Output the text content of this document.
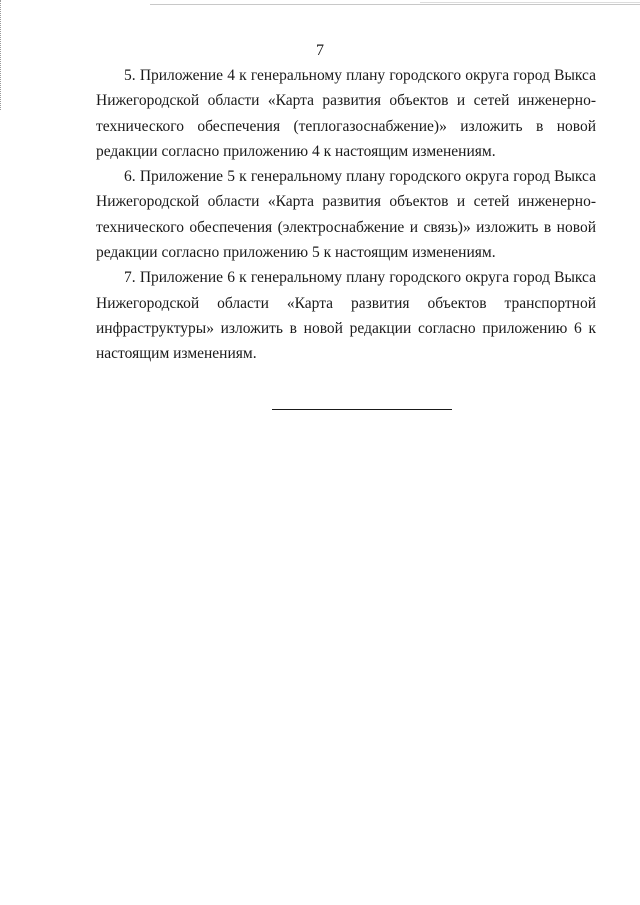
7

5. Приложение 4 к генеральному плану городского округа город Выкса
Нижегородской области «Карта развития объектов и сетей инженерно-
технического обеспечения (теплогазоснабжение)» изложить в новой
редакции согласно приложению 4 к настоящим изменениям.

6. Приложение 5 к генеральному плану городского округа город Выкса
Нижегородской области «Карта развития объектов и сетей инженерно-
технического обеспечения (электроснабжение и связь)» изложить в новой
редакции согласно приложению 5 к настоящим изменениям.

7. Приложение 6 к генеральному плану городского округа город Выкса
Нижегородской области «Карта развития объектов транспортной
инфраструктуры» изложить в новой редакции согласно приложению 6 к
настоящим изменениям.
